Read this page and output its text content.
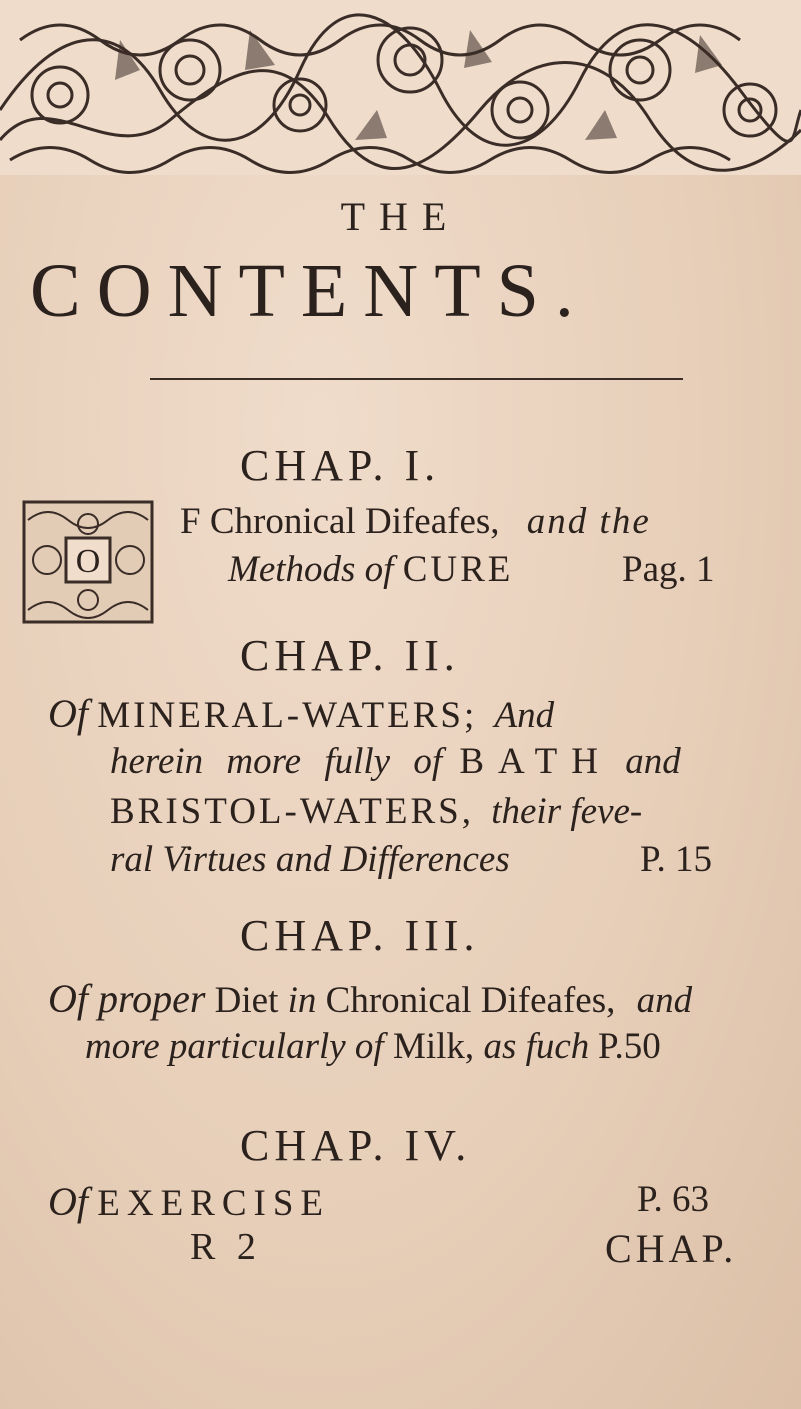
THE
CONTENTS.
CHAP. I.
O
F Chronical Difeafes, and the
Methods of CURE	Pag. 1
CHAP. II.
Of MINERAL-WATERS; And
herein more fully of BATH and
BRISTOL-WATERS, their feve-
ral Virtues and Differences	P. 15
CHAP. III.
Of proper Diet in Chronical Difeafes, and
more particularly of Milk, as fuch P.50
CHAP. IV.
Of EXERCISE	P. 63
R 2	CHAP.
